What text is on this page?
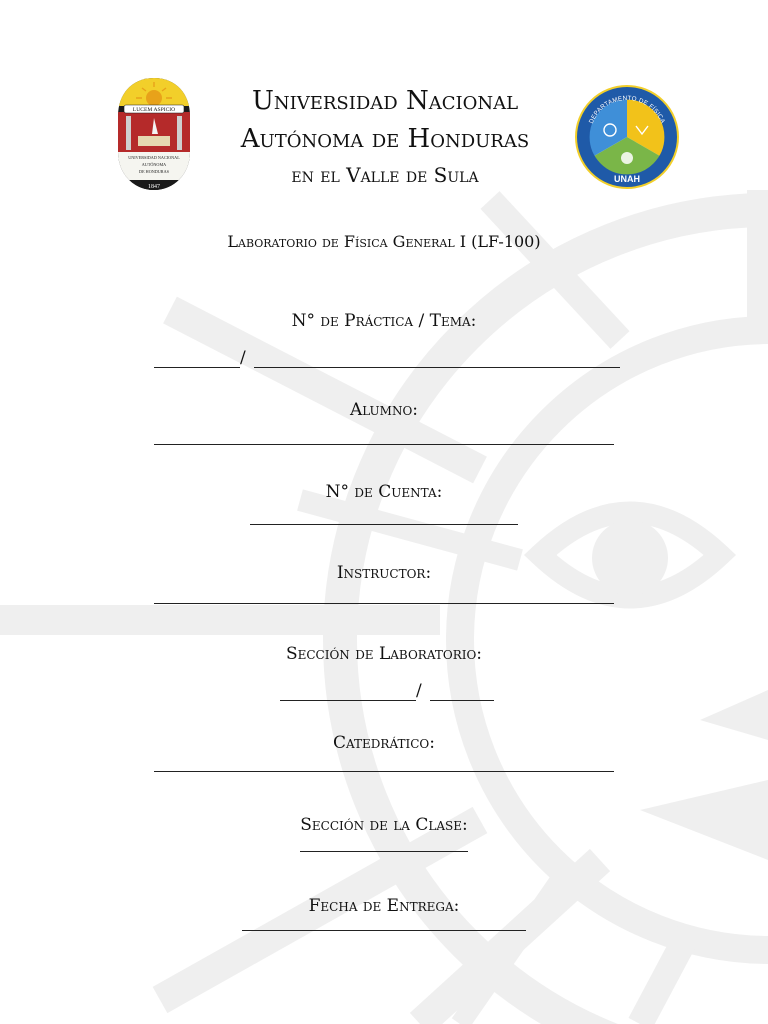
LUCEM ASPICIO
UNIVERSIDAD NACIONAL
AUTÓNOMA
DE HONDURAS
1847
DEPARTAMENTO DE FÍSICA
UNAH
Universidad Nacional
Autónoma de Honduras
en el Valle de Sula
Laboratorio de Física General I (LF-100)
N° de Práctica / Tema:
/
Alumno:
N° de Cuenta:
Instructor:
Sección de Laboratorio:
/
Catedrático:
Sección de la Clase:
Fecha de Entrega:
